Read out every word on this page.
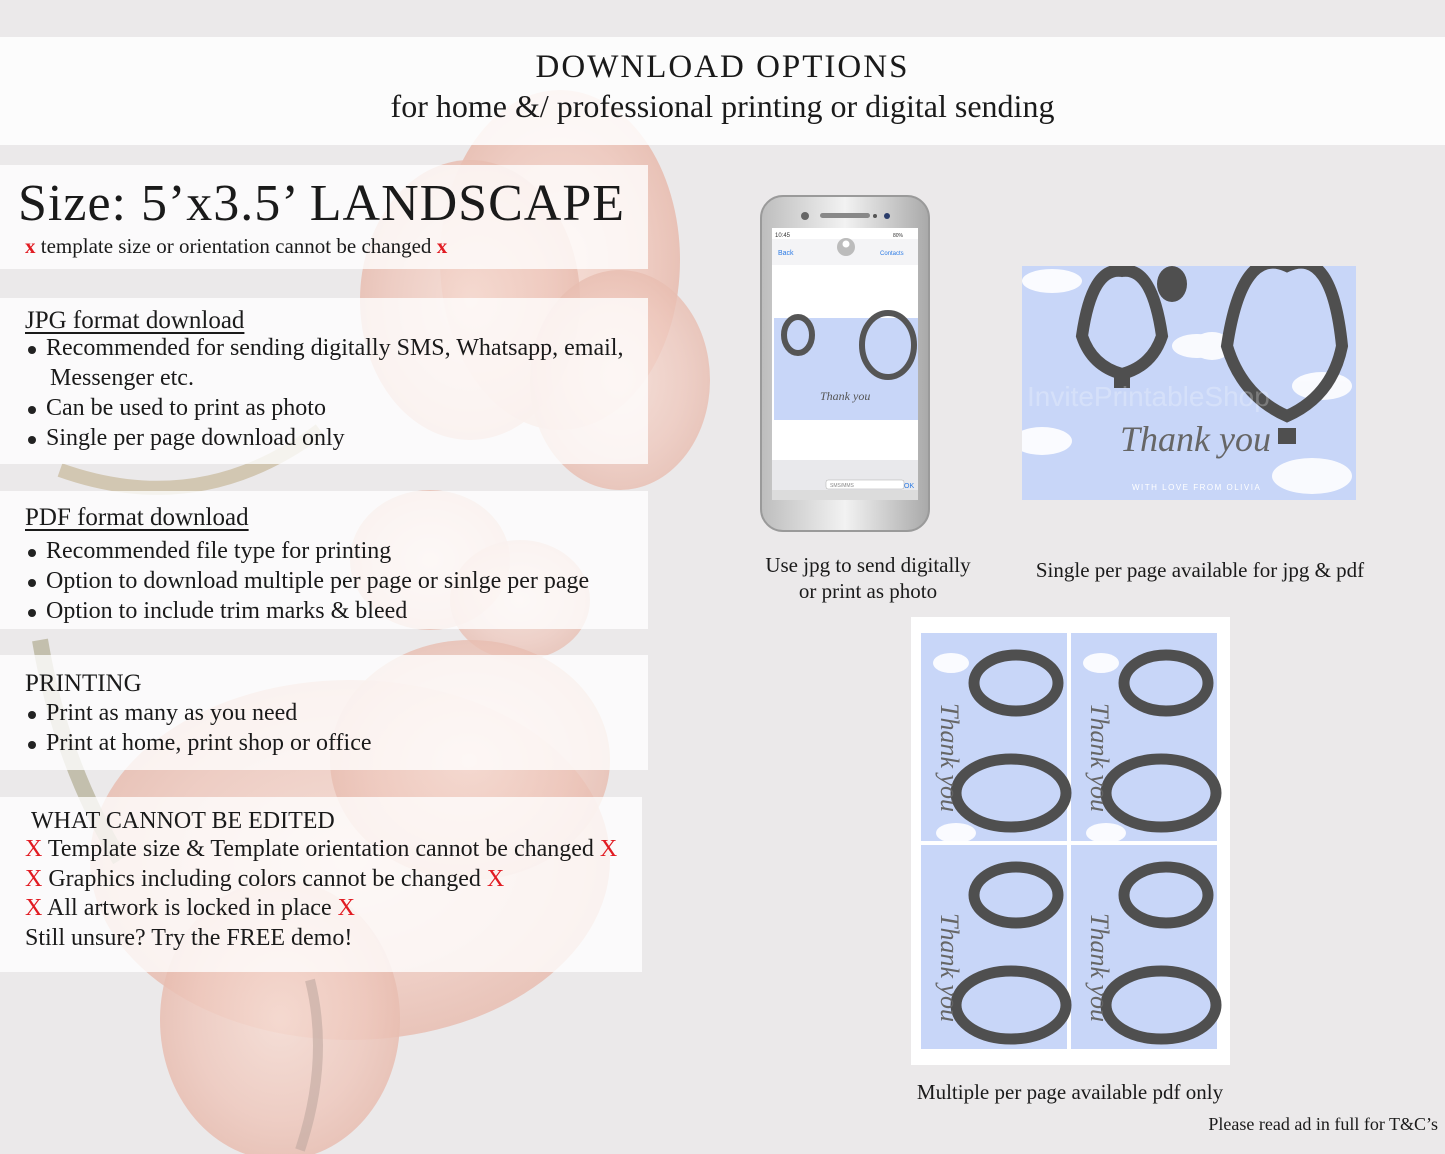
DOWNLOAD OPTIONS
for home &/ professional printing or digital sending
Size: 5’x3.5’ LANDSCAPE
x template size or orientation cannot be changed x
JPG format download
Recommended for sending digitally SMS, Whatsapp, email,
Messenger etc.
Can be used to print as photo
Single per page download only
PDF format download
Recommended file type for printing
Option to download multiple per page or sinlge per page
Option to include trim marks & bleed
PRINTING
Print as many as you need
Print at home, print shop or office
WHAT CANNOT BE EDITED
X Template size & Template orientation cannot be changed X
X Graphics including colors cannot be changed X
X All artwork is locked in place X
Still unsure? Try the FREE demo!
10:45	80%
Back	Contacts
Thank you
SMS/MMS	OK
Thank you
WITH LOVE FROM OLIVIA
InvitePrintableShop
Thank you	Thank you
Thank you	Thank you
Use jpg to send digitally
or print as photo
Single per page available for jpg & pdf
Multiple per page available pdf only
Please read ad in full for T&C’s
